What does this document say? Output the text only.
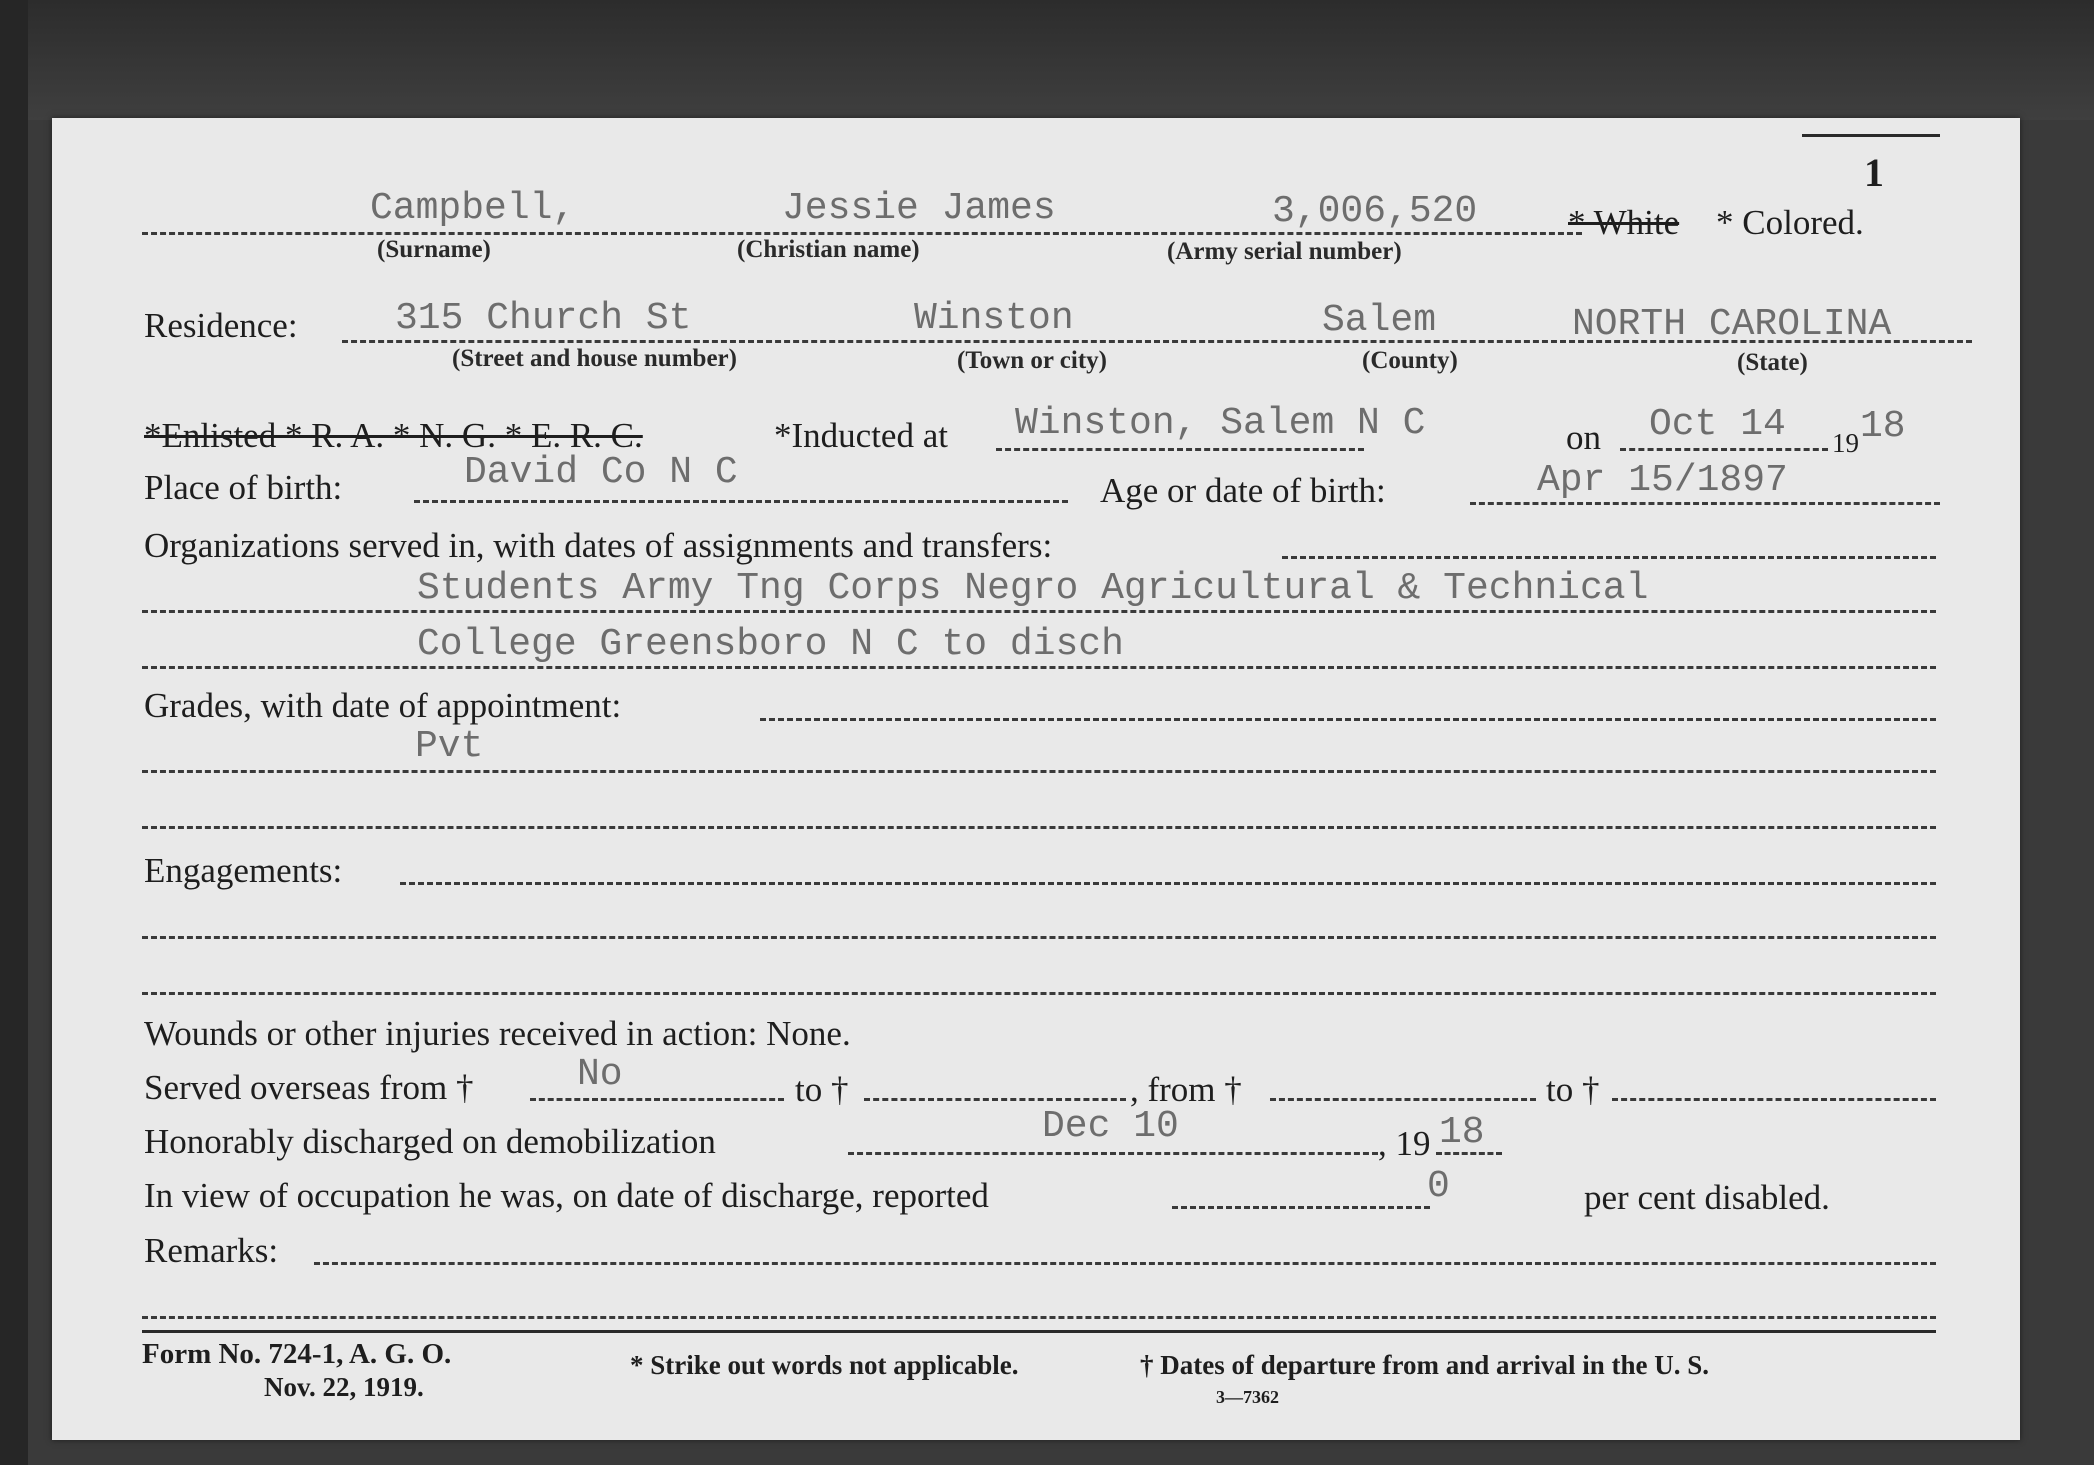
1
Campbell,	Jessie James	3,006,520	* White * Colored.
(Surname)	(Christian name)	(Army serial number)
Residence:	315 Church St	Winston	Salem	NORTH CAROLINA
(Street and house number)	(Town or city)	(County)	(State)
*Enlisted * R. A. * N. G. * E. R. C.	*Inducted at Winston, Salem N C	on Oct 14 19 18
Place of birth:	David Co N C	Age or date of birth:	Apr 15/1897
Organizations served in, with dates of assignments and transfers:
Students Army Tng Corps Negro Agricultural & Technical
College Greensboro N C to disch
Grades, with date of appointment:
Pvt
Engagements:
Wounds or other injuries received in action: None.
Served overseas from †	No	to †	, from †	to †
Honorably discharged on demobilization	Dec 10	, 19 18
In view of occupation he was, on date of discharge, reported	0	per cent disabled.
Remarks:
Form No. 724-1, A. G. O.
Nov. 22, 1919.
* Strike out words not applicable.	† Dates of departure from and arrival in the U. S.
3—7362
